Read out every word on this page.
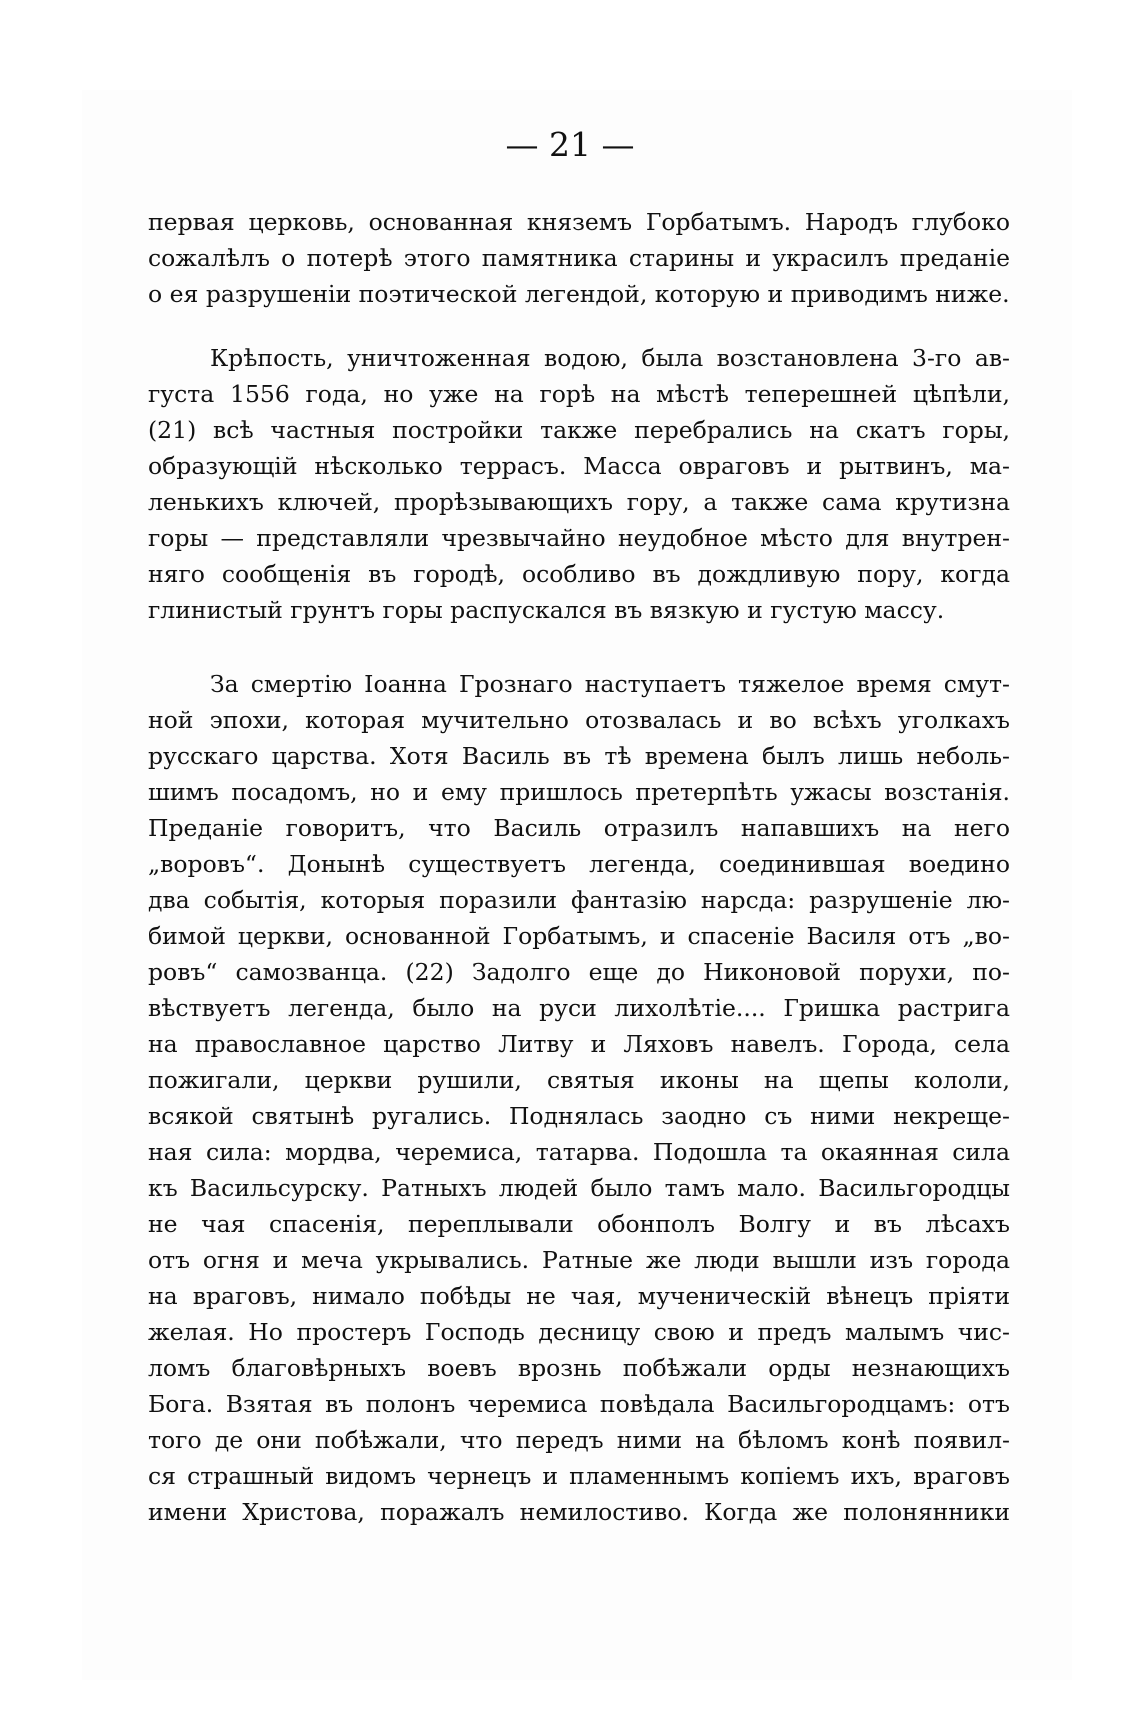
— 21 —
первая церковь, основанная княземъ Горбатымъ. Народъ глубоко
сожалѣлъ о потерѣ этого памятника старины и украсилъ преданіе
о ея разрушеніи поэтической легендой, которую и приводимъ ниже.
Крѣпость, уничтоженная водою, была возстановлена 3-го ав-
густа 1556 года, но уже на горѣ на мѣстѣ теперешней цѣпѣли,
(21) всѣ частныя постройки также перебрались на скатъ горы,
образующій нѣсколько террасъ. Масса овраговъ и рытвинъ, ма-
ленькихъ ключей, прорѣзывающихъ гору, а также сама крутизна
горы — представляли чрезвычайно неудобное мѣсто для внутрен-
няго сообщенія въ городѣ, особливо въ дождливую пору, когда
глинистый грунтъ горы распускался въ вязкую и густую массу.
За смертію Іоанна Грознаго наступаетъ тяжелое время смут-
ной эпохи, которая мучительно отозвалась и во всѣхъ уголкахъ
русскаго царства. Хотя Василь въ тѣ времена былъ лишь неболь-
шимъ посадомъ, но и ему пришлось претерпѣть ужасы возстанія.
Преданіе говоритъ, что Василь отразилъ напавшихъ на него
„воровъ“. Донынѣ существуетъ легенда, соединившая воедино
два событія, которыя поразили фантазію нарсда: разрушеніе лю-
бимой церкви, основанной Горбатымъ, и спасеніе Василя отъ „во-
ровъ“ самозванца. (22) Задолго еще до Никоновой порухи, по-
вѣствуетъ легенда, было на руси лихолѣтіе.... Гришка растрига
на православное царство Литву и Ляховъ навелъ. Города, села
пожигали, церкви рушили, святыя иконы на щепы кололи,
всякой святынѣ ругались. Поднялась заодно съ ними некреще-
ная сила: мордва, черемиса, татарва. Подошла та окаянная сила
къ Васильсурску. Ратныхъ людей было тамъ мало. Васильгородцы
не чая спасенія, переплывали обонполъ Волгу и въ лѣсахъ
отъ огня и меча укрывались. Ратные же люди вышли изъ города
на враговъ, нимало побѣды не чая, мученическій вѣнецъ пріяти
желая. Но простеръ Господь десницу свою и предъ малымъ чис-
ломъ благовѣрныхъ воевъ врознь побѣжали орды незнающихъ
Бога. Взятая въ полонъ черемиса повѣдала Васильгородцамъ: отъ
того де они побѣжали, что передъ ними на бѣломъ конѣ появил-
ся страшный видомъ чернецъ и пламеннымъ копіемъ ихъ, враговъ
имени Христова, поражалъ немилостиво. Когда же полонянники
